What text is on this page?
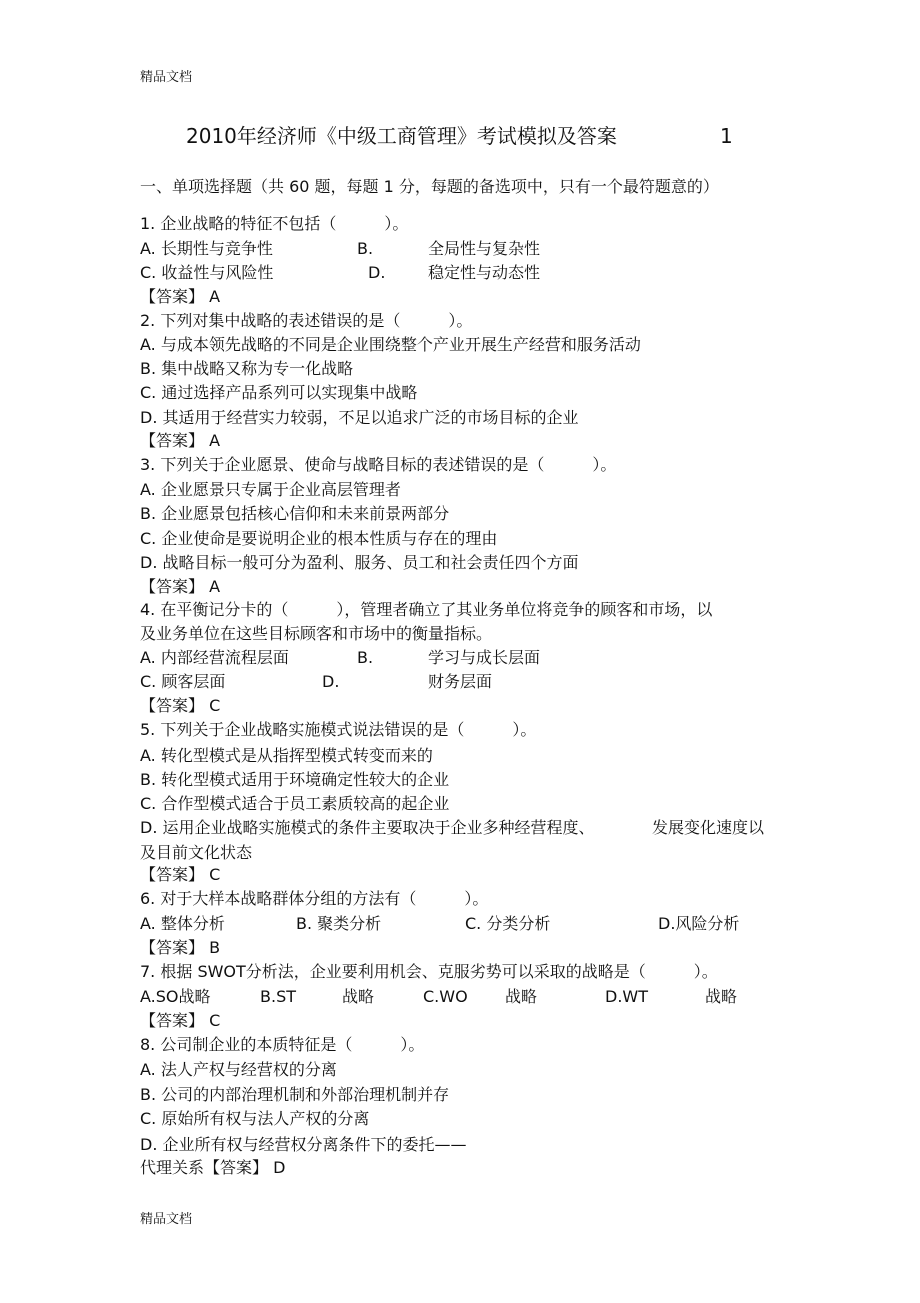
精品文档
2010年经济师《中级工商管理》考试模拟及答案	1
一、单项选择题（共 60 题，每题 1 分，每题的备选项中，只有一个最符题意的）
1. 企业战略的特征不包括（　　　）。
A. 长期性与竞争性	B.	全局性与复杂性
C. 收益性与风险性	D.	稳定性与动态性
【答案】 A
2. 下列对集中战略的表述错误的是（　　　）。
A. 与成本领先战略的不同是企业围绕整个产业开展生产经营和服务活动
B. 集中战略又称为专一化战略
C. 通过选择产品系列可以实现集中战略
D. 其适用于经营实力较弱，不足以追求广泛的市场目标的企业
【答案】 A
3. 下列关于企业愿景、使命与战略目标的表述错误的是（　　　）。
A. 企业愿景只专属于企业高层管理者
B. 企业愿景包括核心信仰和未来前景两部分
C. 企业使命是要说明企业的根本性质与存在的理由
D. 战略目标一般可分为盈利、服务、员工和社会责任四个方面
【答案】 A
4. 在平衡记分卡的（　　　），管理者确立了其业务单位将竞争的顾客和市场，以
及业务单位在这些目标顾客和市场中的衡量指标。
A. 内部经营流程层面	B.	学习与成长层面
C. 顾客层面	D.	财务层面
【答案】 C
5. 下列关于企业战略实施模式说法错误的是（　　　）。
A. 转化型模式是从指挥型模式转变而来的
B. 转化型模式适用于环境确定性较大的企业
C. 合作型模式适合于员工素质较高的起企业
D. 运用企业战略实施模式的条件主要取决于企业多种经营程度、	发展变化速度以
及目前文化状态
【答案】 C
6. 对于大样本战略群体分组的方法有（　　　）。
A. 整体分析	B. 聚类分析	C. 分类分析	D.风险分析
【答案】 B
7. 根据 SWOT分析法，企业要利用机会、克服劣势可以采取的战略是（　　　）。
A.SO战略	B.ST	战略	C.WO 战略	D.WT	战略
【答案】 C
8. 公司制企业的本质特征是（　　　）。
A. 法人产权与经营权的分离
B. 公司的内部治理机制和外部治理机制并存
C. 原始所有权与法人产权的分离
D. 企业所有权与经营权分离条件下的委托——
代理关系【答案】 D
精品文档
